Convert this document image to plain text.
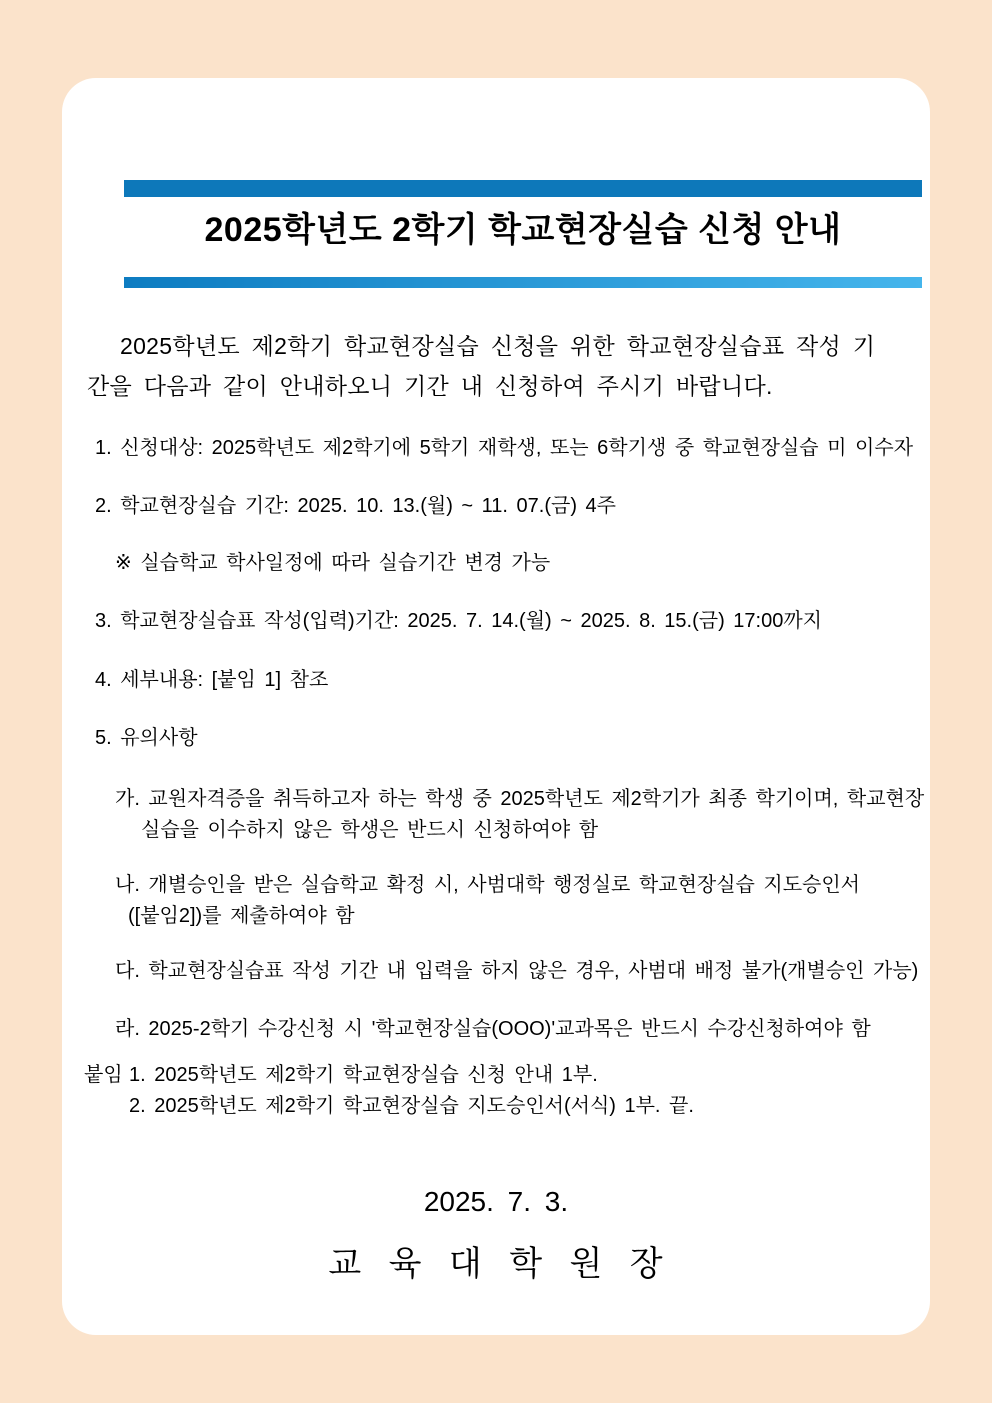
2025학년도 2학기 학교현장실습 신청 안내

2025학년도 제2학기 학교현장실습 신청을 위한 학교현장실습표 작성 기간을 다음과 같이 안내하오니 기간 내 신청하여 주시기 바랍니다.

1. 신청대상: 2025학년도 제2학기에 5학기 재학생, 또는 6학기생 중 학교현장실습 미 이수자
2. 학교현장실습 기간: 2025. 10. 13.(월) ~ 11. 07.(금) 4주
※ 실습학교 학사일정에 따라 실습기간 변경 가능
3. 학교현장실습표 작성(입력)기간: 2025. 7. 14.(월) ~ 2025. 8. 15.(금) 17:00까지
4. 세부내용: [붙임 1] 참조
5. 유의사항
가. 교원자격증을 취득하고자 하는 학생 중 2025학년도 제2학기가 최종 학기이며, 학교현장
실습을 이수하지 않은 학생은 반드시 신청하여야 함
나. 개별승인을 받은 실습학교 확정 시, 사범대학 행정실로 학교현장실습 지도승인서
([붙임2])를 제출하여야 함
다. 학교현장실습표 작성 기간 내 입력을 하지 않은 경우, 사범대 배정 불가(개별승인 가능)
라. 2025-2학기 수강신청 시 '학교현장실습(OOO)'교과목은 반드시 수강신청하여야 함
붙임 1. 2025학년도 제2학기 학교현장실습 신청 안내 1부.
2. 2025학년도 제2학기 학교현장실습 지도승인서(서식) 1부. 끝.
2025. 7. 3.
교 육 대 학 원 장
